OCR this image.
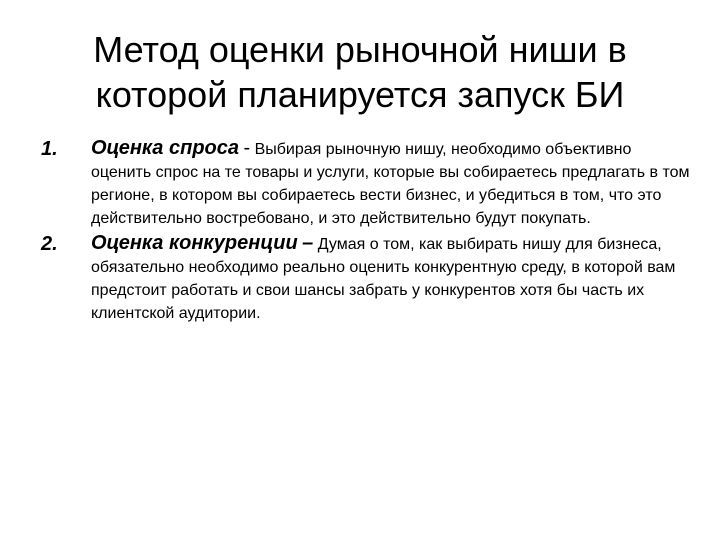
Метод оценки рыночной ниши в
которой планируется запуск БИ
1. Оценка спроса - Выбирая рыночную нишу, необходимо объективно оценить спрос на те товары и услуги, которые вы собираетесь предлагать в том регионе, в котором вы собираетесь вести бизнес, и убедиться в том, что это действительно востребовано, и это действительно будут покупать.
2. Оценка конкуренции – Думая о том, как выбирать нишу для бизнеса, обязательно необходимо реально оценить конкурентную среду, в которой вам предстоит работать и свои шансы забрать у конкурентов хотя бы часть их клиентской аудитории.
